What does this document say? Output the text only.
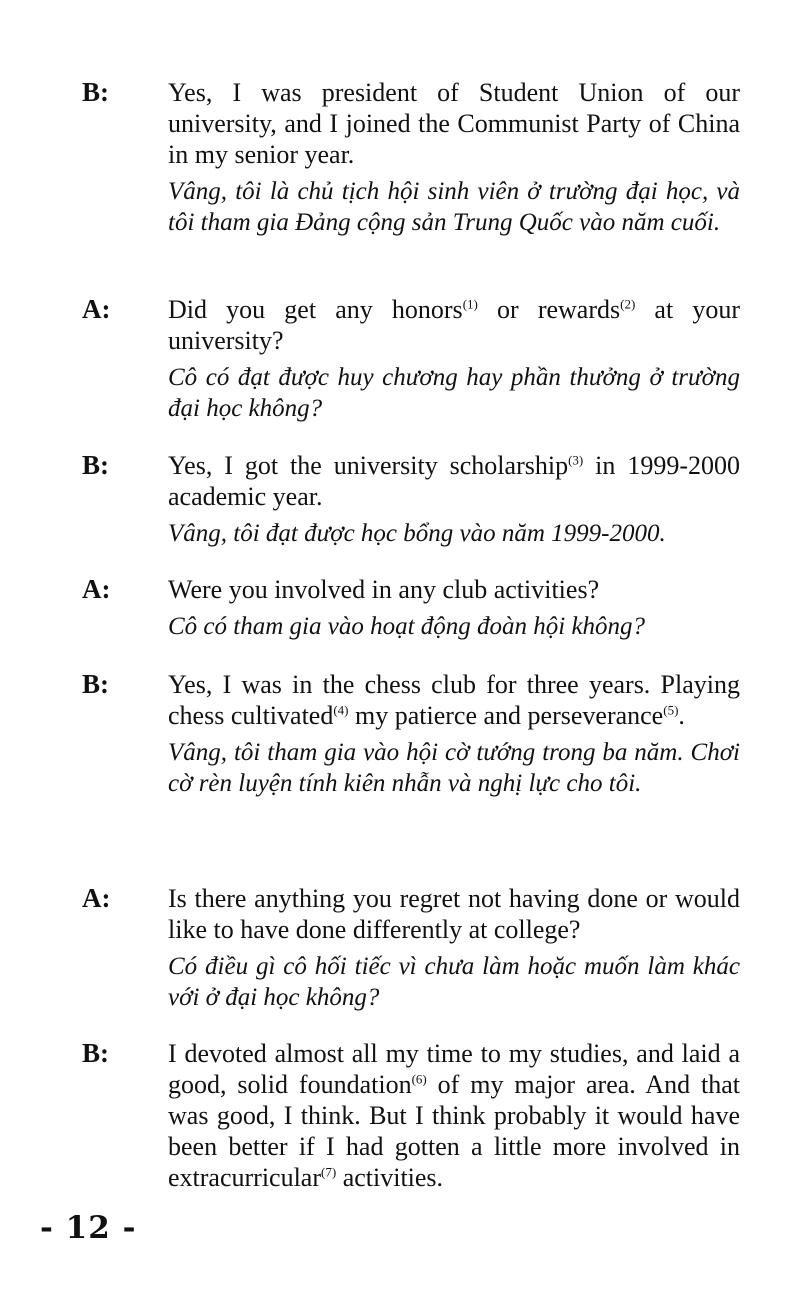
B: Yes, I was president of Student Union of our university, and I joined the Communist Party of China in my senior year.

Vâng, tôi là chủ tịch hội sinh viên ở trường đại học, và tôi tham gia Đảng cộng sản Trung Quốc vào năm cuối.

A: Did you get any honors$^{(1)}$ or rewards$^{(2)}$ at your university?

Cô có đạt được huy chương hay phần thưởng ở trường đại học không?

B: Yes, I got the university scholarship$^{(3)}$ in 1999-2000 academic year.

Vâng, tôi đạt được học bổng vào năm 1999-2000.

A: Were you involved in any club activities?

Cô có tham gia vào hoạt động đoàn hội không?

B: Yes, I was in the chess club for three years. Playing chess cultivated$^{(4)}$ my patierce and perseverance$^{(5)}$.

Vâng, tôi tham gia vào hội cờ tướng trong ba năm. Chơi cờ rèn luyện tính kiên nhẫn và nghị lực cho tôi.

A: Is there anything you regret not having done or would like to have done differently at college?

Có điều gì cô hối tiếc vì chưa làm hoặc muốn làm khác với ở đại học không?

B: I devoted almost all my time to my studies, and laid a good, solid foundation$^{(6)}$ of my major area. And that was good, I think. But I think probably it would have been better if I had gotten a little more involved in extracurricular$^{(7)}$ activities.

- 12 -
